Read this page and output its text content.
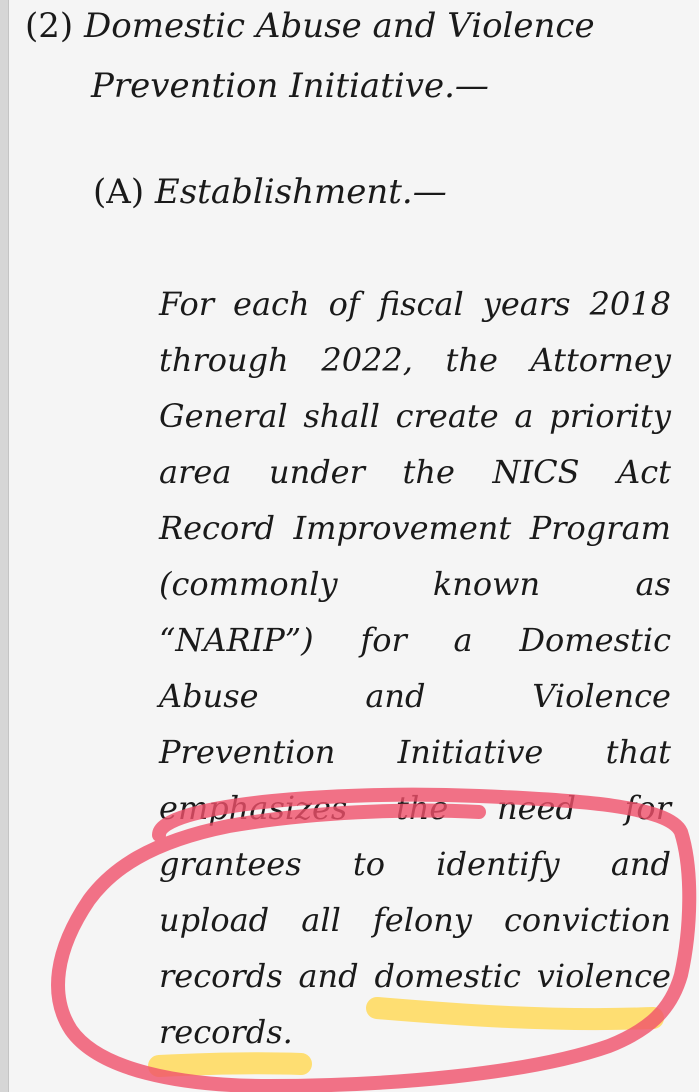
(2) Domestic Abuse and Violence

Prevention Initiative.—

(A) Establishment.—

For each of fiscal years 2018
through 2022, the Attorney
General shall create a priority
area under the NICS Act
Record Improvement Program
(commonly	known	as
“NARIP”) for a Domestic
Abuse	and	Violence
Prevention Initiative that
emphasizes the need for
grantees to identify and
upload all felony conviction
records and domestic violence
records.
